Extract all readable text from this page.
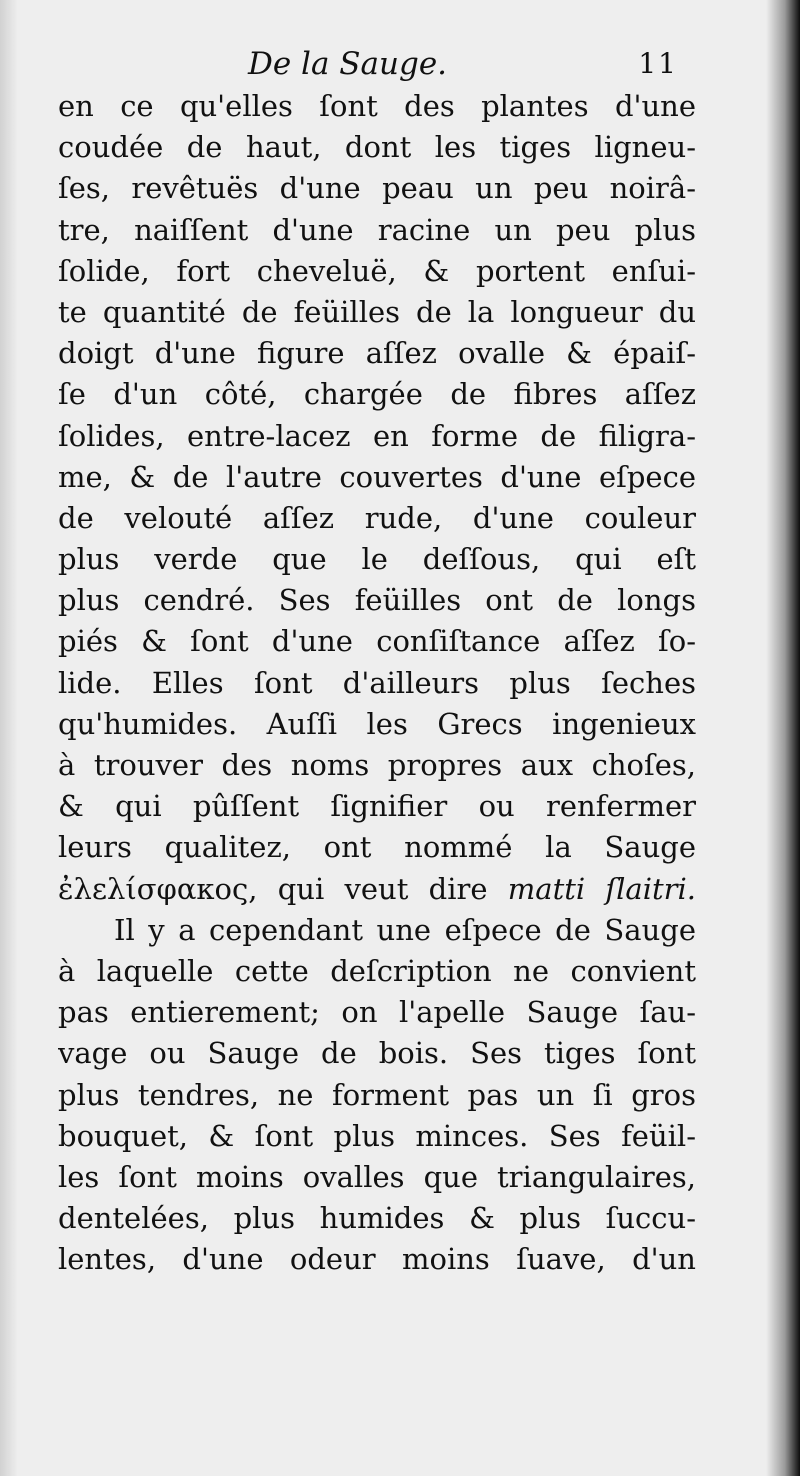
De la Sauge.	11
en ce qu'elles ſont des plantes d'une
coudée de haut, dont les tiges ligneu-
ſes, revêtuës d'une peau un peu noirâ-
tre, naiſſent d'une racine un peu plus
ſolide, fort cheveluë, & portent enſui-
te quantité de feüilles de la longueur du
doigt d'une figure aſſez ovalle & épaiſ-
ſe d'un côté, chargée de fibres aſſez
ſolides, entre-lacez en forme de filigra-
me, & de l'autre couvertes d'une eſpece
de velouté aſſez rude, d'une couleur
plus verde que le deſſous, qui eſt
plus cendré. Ses feüilles ont de longs
piés & ſont d'une conſiſtance aſſez ſo-
lide. Elles ſont d'ailleurs plus ſeches
qu'humides. Auſſi les Grecs ingenieux
à trouver des noms propres aux choſes,
& qui pûſſent ſignifier ou renfermer
leurs qualitez, ont nommé la Sauge
ἐλελίσφακος, qui veut dire matti ſlaitri.
Il y a cependant une eſpece de Sauge
à laquelle cette deſcription ne convient
pas entierement; on l'apelle Sauge ſau-
vage ou Sauge de bois. Ses tiges ſont
plus tendres, ne forment pas un ſi gros
bouquet, & ſont plus minces. Ses feüil-
les ſont moins ovalles que triangulaires,
dentelées, plus humides & plus ſuccu-
lentes, d'une odeur moins ſuave, d'un
